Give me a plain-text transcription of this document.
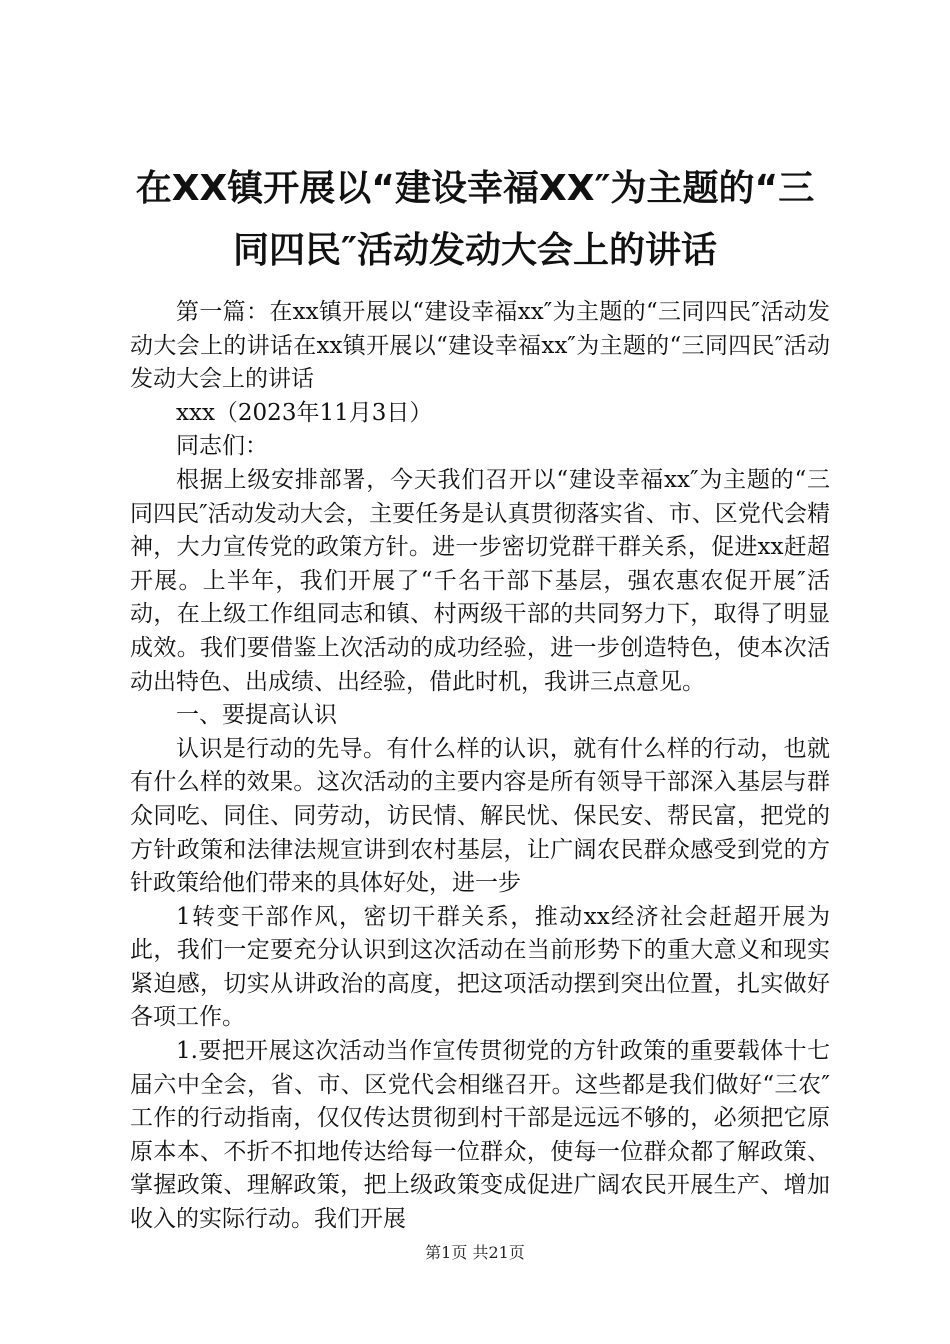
在XX镇开展以“建设幸福XX″为主题的“三
同四民″活动发动大会上的讲话

第一篇：在xx镇开展以“建设幸福xx″为主题的“三同四民″活动发动大会上的讲话在xx镇开展以“建设幸福xx″为主题的“三同四民″活动发动大会上的讲话

xxx（2023年11月3日）

同志们：

根据上级安排部署，今天我们召开以“建设幸福xx″为主题的“三同四民″活动发动大会，主要任务是认真贯彻落实省、市、区党代会精神，大力宣传党的政策方针。进一步密切党群干群关系，促进xx赶超开展。上半年，我们开展了“千名干部下基层，强农惠农促开展″活动，在上级工作组同志和镇、村两级干部的共同努力下，取得了明显成效。我们要借鉴上次活动的成功经验，进一步创造特色，使本次活动出特色、出成绩、出经验，借此时机，我讲三点意见。

一、要提高认识

认识是行动的先导。有什么样的认识，就有什么样的行动，也就有什么样的效果。这次活动的主要内容是所有领导干部深入基层与群众同吃、同住、同劳动，访民情、解民忧、保民安、帮民富，把党的方针政策和法律法规宣讲到农村基层，让广阔农民群众感受到党的方针政策给他们带来的具体好处，进一步

1转变干部作风，密切干群关系，推动xx经济社会赶超开展为此，我们一定要充分认识到这次活动在当前形势下的重大意义和现实紧迫感，切实从讲政治的高度，把这项活动摆到突出位置，扎实做好各项工作。

1.要把开展这次活动当作宣传贯彻党的方针政策的重要载体十七届六中全会，省、市、区党代会相继召开。这些都是我们做好“三农″工作的行动指南，仅仅传达贯彻到村干部是远远不够的，必须把它原原本本、不折不扣地传达给每一位群众，使每一位群众都了解政策、掌握政策、理解政策，把上级政策变成促进广阔农民开展生产、增加收入的实际行动。我们开展

第1页 共21页
